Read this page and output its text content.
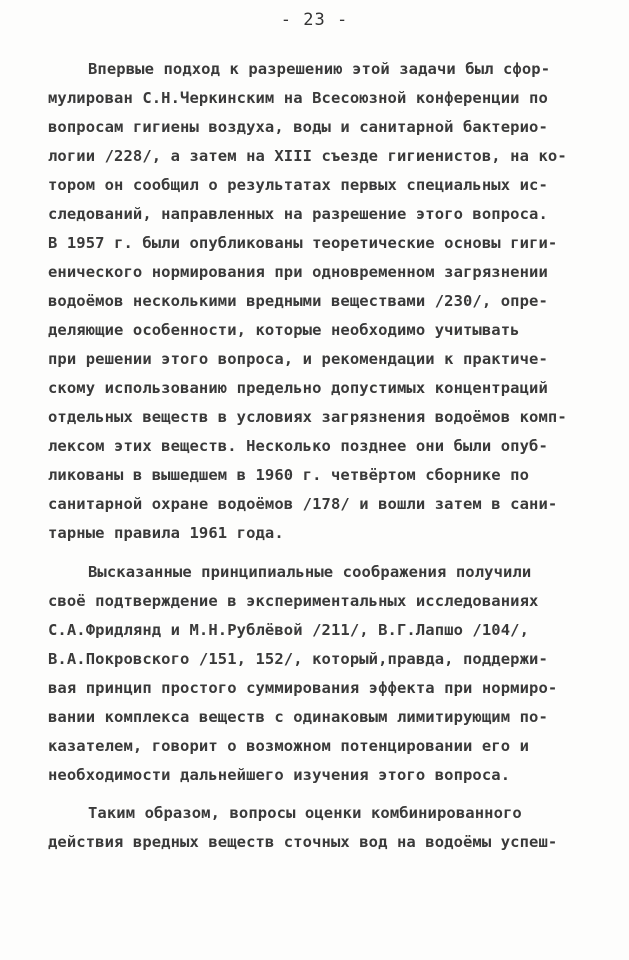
- 23 -
Впервые подход к разрешению этой задачи был сфор-
мулирован С.Н.Черкинским на Всесоюзной конференции по
вопросам гигиены воздуха, воды и санитарной бактерио-
логии /228/, а затем на XIII съезде гигиенистов, на ко-
тором он сообщил о результатах первых специальных ис-
следований, направленных на разрешение этого вопроса.
В 1957 г. были опубликованы теоретические основы гиги-
енического нормирования при одновременном загрязнении
водоёмов несколькими вредными веществами /230/, опре-
деляющие особенности, которые необходимо учитывать
при решении этого вопроса, и рекомендации к практиче-
скому использованию предельно допустимых концентраций
отдельных веществ в условиях загрязнения водоёмов комп-
лексом этих веществ. Несколько позднее они были опуб-
ликованы в вышедшем в 1960 г. четвёртом сборнике по
санитарной охране водоёмов /178/ и вошли затем в сани-
тарные правила 1961 года.
Высказанные принципиальные соображения получили
своё подтверждение в экспериментальных исследованиях
С.А.Фридлянд и М.Н.Рублёвой /211/, В.Г.Лапшо /104/,
В.А.Покровского /151, 152/, который,правда, поддержи-
вая принцип простого суммирования эффекта при нормиро-
вании комплекса веществ с одинаковым лимитирующим по-
казателем, говорит о возможном потенцировании его и
необходимости дальнейшего изучения этого вопроса.
Таким образом, вопросы оценки комбинированного
действия вредных веществ сточных вод на водоёмы успеш-
